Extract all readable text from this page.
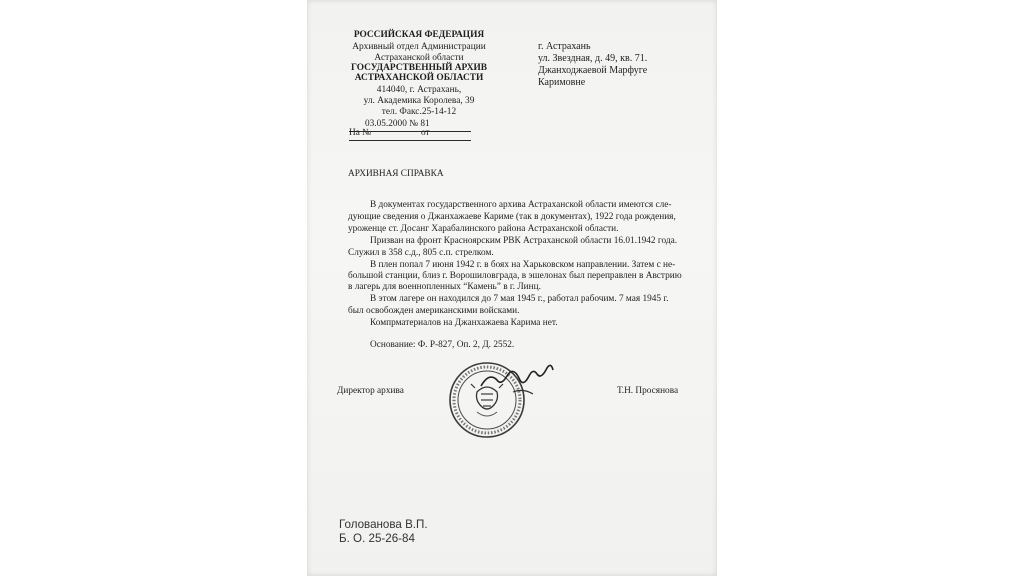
РОССИЙСКАЯ ФЕДЕРАЦИЯ
Архивный отдел Администрации
Астраханской области
ГОСУДАРСТВЕННЫЙ АРХИВ
АСТРАХАНСКОЙ ОБЛАСТИ
414040, г. Астрахань,
ул. Академика Королева, 39
тел. Факс.25-14-12
03.05.2000 № 81
На №	от
г. Астрахань
ул. Звездная, д. 49, кв. 71.
Джанходжаевой Марфуге
Каримовне
АРХИВНАЯ СПРАВКА
В документах государственного архива Астраханской области имеются сле-
дующие сведения о Джанхажаеве Кариме (так в документах), 1922 года рождения,
уроженце ст. Досанг Харабалинского района Астраханской области.
Призван на фронт Красноярским РВК Астраханской области 16.01.1942 года.
Служил в 358 с.д., 805 с.п. стрелком.
В плен попал 7 июня 1942 г. в боях на Харьковском направлении. Затем с не-
большой станции, близ г. Ворошиловграда, в эшелонах был переправлен в Австрию
в лагерь для военнопленных “Камень” в г. Линц.
В этом лагере он находился до 7 мая 1945 г., работал рабочим. 7 мая 1945 г.
был освобожден американскими войсками.
Компрматериалов на Джанхажаева Карима нет.
Основание: Ф. Р-827, Оп. 2, Д. 2552.
Директор архива	Т.Н. Просянова
Голованова В.П.
Б. О. 25-26-84
